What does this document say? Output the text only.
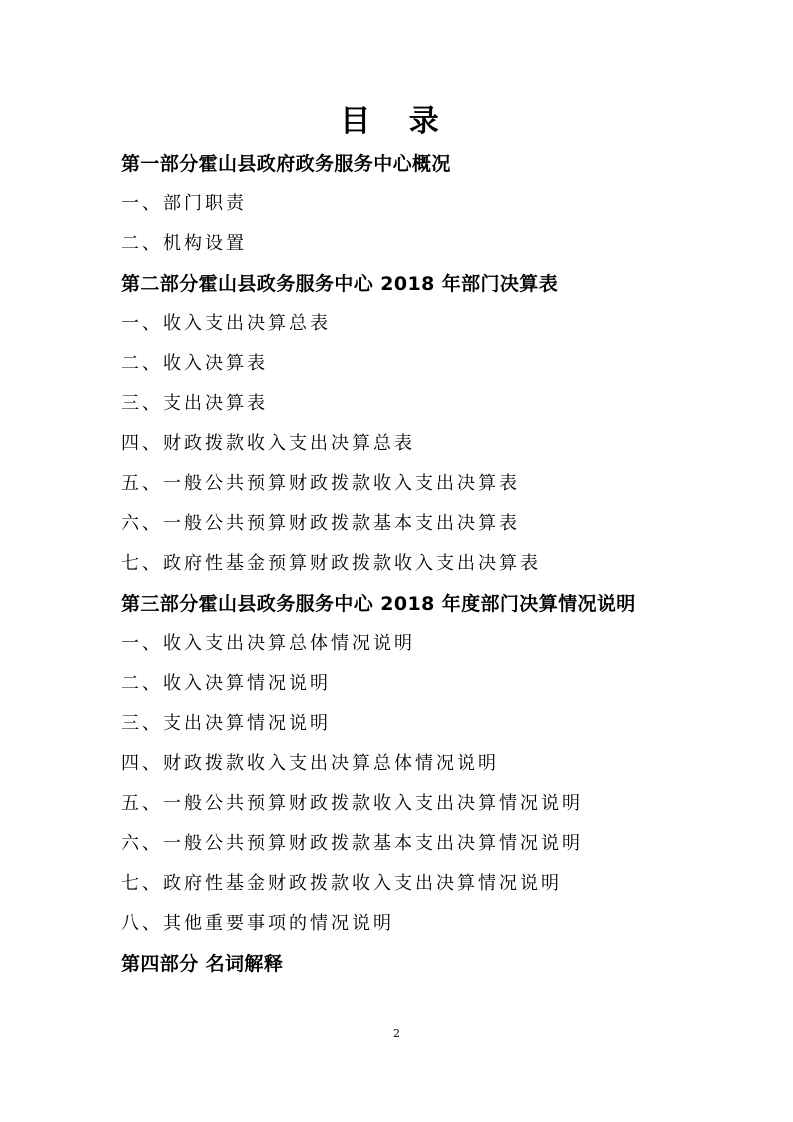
目 录
第一部分霍山县政府政务服务中心概况
一、部门职责
二、机构设置
第二部分霍山县政务服务中心 2018 年部门决算表
一、收入支出决算总表
二、收入决算表
三、支出决算表
四、财政拨款收入支出决算总表
五、一般公共预算财政拨款收入支出决算表
六、一般公共预算财政拨款基本支出决算表
七、政府性基金预算财政拨款收入支出决算表
第三部分霍山县政务服务中心 2018 年度部门决算情况说明
一、收入支出决算总体情况说明
二、收入决算情况说明
三、支出决算情况说明
四、财政拨款收入支出决算总体情况说明
五、一般公共预算财政拨款收入支出决算情况说明
六、一般公共预算财政拨款基本支出决算情况说明
七、政府性基金财政拨款收入支出决算情况说明
八、其他重要事项的情况说明
第四部分 名词解释
2
